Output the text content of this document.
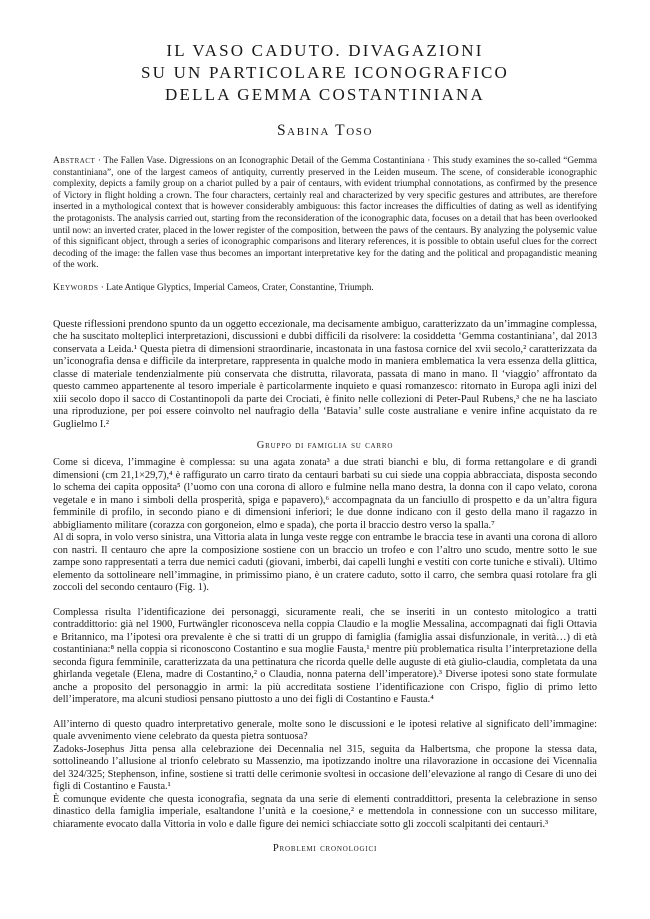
IL VASO CADUTO. DIVAGAZIONI
SU UN PARTICOLARE ICONOGRAFICO
DELLA GEMMA COSTANTINIANA
Sabina Toso

Abstract · The Fallen Vase. Digressions on an Iconographic Detail of the Gemma Costantiniana · This study examines the so-called “Gemma constantiniana”, one of the largest cameos of antiquity, currently preserved in the Leiden museum. The scene, of considerable iconographic complexity, depicts a family group on a chariot pulled by a pair of centaurs, with evident triumphal connotations, as confirmed by the presence of Victory in flight holding a crown. The four characters, certainly real and characterized by very specific gestures and attributes, are therefore inserted in a mythological context that is however considerably ambiguous: this factor increases the difficulties of dating as well as identifying the protagonists. The analysis carried out, starting from the reconsideration of the iconographic data, focuses on a detail that has been overlooked until now: an inverted crater, placed in the lower register of the composition, between the paws of the centaurs. By analyzing the polysemic value of this significant object, through a series of iconographic comparisons and literary references, it is possible to obtain useful clues for the correct decoding of the image: the fallen vase thus becomes an important interpretative key for the dating and the political and propagandistic meaning of the work.

Keywords · Late Antique Glyptics, Imperial Cameos, Crater, Constantine, Triumph.

Queste riflessioni prendono spunto da un oggetto eccezionale, ma decisamente ambiguo, caratterizzato da un’immagine complessa, che ha suscitato molteplici interpretazioni, discussioni e dubbi difficili da risolvere: la cosiddetta ‘Gemma costantiniana’, dal 2013 conservata a Leida.¹ Questa pietra di dimensioni straordinarie, incastonata in una fastosa cornice del xvii secolo,² caratterizzata da un’iconografia densa e difficile da interpretare, rappresenta in qualche modo in maniera emblematica la vera essenza della glittica, classe di materiale tendenzialmente più conservata che distrutta, rilavorata, passata di mano in mano. Il ‘viaggio’ affrontato da questo cammeo appartenente al tesoro imperiale è particolarmente inquieto e quasi romanzesco: ritornato in Europa agli inizi del xiii secolo dopo il sacco di Costantinopoli da parte dei Crociati, è finito nelle collezioni di Peter-Paul Rubens,³ che ne ha lasciato una riproduzione, per poi essere coinvolto nel naufragio della ‘Batavia’ sulle coste australiane e venire infine acquistato da re Guglielmo I.²

Gruppo di famiglia su carro

Come si diceva, l’immagine è complessa: su una agata zonata³ a due strati bianchi e blu, di forma rettangolare e di grandi dimensioni (cm 21,1×29,7),⁴ è raffigurato un carro tirato da centauri barbati su cui siede una coppia abbracciata, disposta secondo lo schema dei capita opposita⁵ (l’uomo con una corona di alloro e fulmine nella mano destra, la donna con il capo velato, corona vegetale e in mano i simboli della prosperità, spiga e papavero),⁶ accompagnata da un fanciullo di prospetto e da un’altra figura femminile di profilo, in secondo piano e di dimensioni inferiori; le due donne indicano con il gesto della mano il ragazzo in abbigliamento militare (corazza con gorgoneion, elmo e spada), che porta il braccio destro verso la spalla.⁷

Al di sopra, in volo verso sinistra, una Vittoria alata in lunga veste regge con entrambe le braccia tese in avanti una corona di alloro con nastri. Il centauro che apre la composizione sostiene con un braccio un trofeo e con l’altro uno scudo, mentre sotto le sue zampe sono rappresentati a terra due nemici caduti (giovani, imberbi, dai capelli lunghi e vestiti con corte tuniche e stivali). Ultimo elemento da sottolineare nell’immagine, in primissimo piano, è un cratere caduto, sotto il carro, che sembra quasi rotolare fra gli zoccoli del secondo centauro (Fig. 1).

Complessa risulta l’identificazione dei personaggi, sicuramente reali, che se inseriti in un contesto mitologico a tratti contraddittorio: già nel 1900, Furtwängler riconosceva nella coppia Claudio e la moglie Messalina, accompagnati dai figli Ottavia e Britannico, ma l’ipotesi ora prevalente è che si tratti di un gruppo di famiglia (famiglia assai disfunzionale, in verità…) di età costantiniana:⁸ nella coppia si riconoscono Costantino e sua moglie Fausta,¹ mentre più problematica risulta l’interpretazione della seconda figura femminile, caratterizzata da una pettinatura che ricorda quelle delle auguste di età giulio-claudia, completata da una ghirlanda vegetale (Elena, madre di Costantino,² o Claudia, nonna paterna dell’imperatore).³ Diverse ipotesi sono state formulate anche a proposito del personaggio in armi: la più accreditata sostiene l’identificazione con Crispo, figlio di primo letto dell’imperatore, ma alcuni studiosi pensano piuttosto a uno dei figli di Costantino e Fausta.⁴

All’interno di questo quadro interpretativo generale, molte sono le discussioni e le ipotesi relative al significato dell’immagine: quale avvenimento viene celebrato da questa pietra sontuosa?

Zadoks-Josephus Jitta pensa alla celebrazione dei Decennalia nel 315, seguita da Halbertsma, che propone la stessa data, sottolineando l’allusione al trionfo celebrato su Massenzio, ma ipotizzando inoltre una rilavorazione in occasione dei Vicennalia del 324/325; Stephenson, infine, sostiene si tratti delle cerimonie svoltesi in occasione dell’elevazione al rango di Cesare di uno dei figli di Costantino e Fausta.¹

È comunque evidente che questa iconografia, segnata da una serie di elementi contraddittori, presenta la celebrazione in senso dinastico della famiglia imperiale, esaltandone l’unità e la coesione,² e mettendola in connessione con un successo militare, chiaramente evocato dalla Vittoria in volo e dalle figure dei nemici schiacciate sotto gli zoccoli scalpitanti dei centauri.³

Problemi cronologici
